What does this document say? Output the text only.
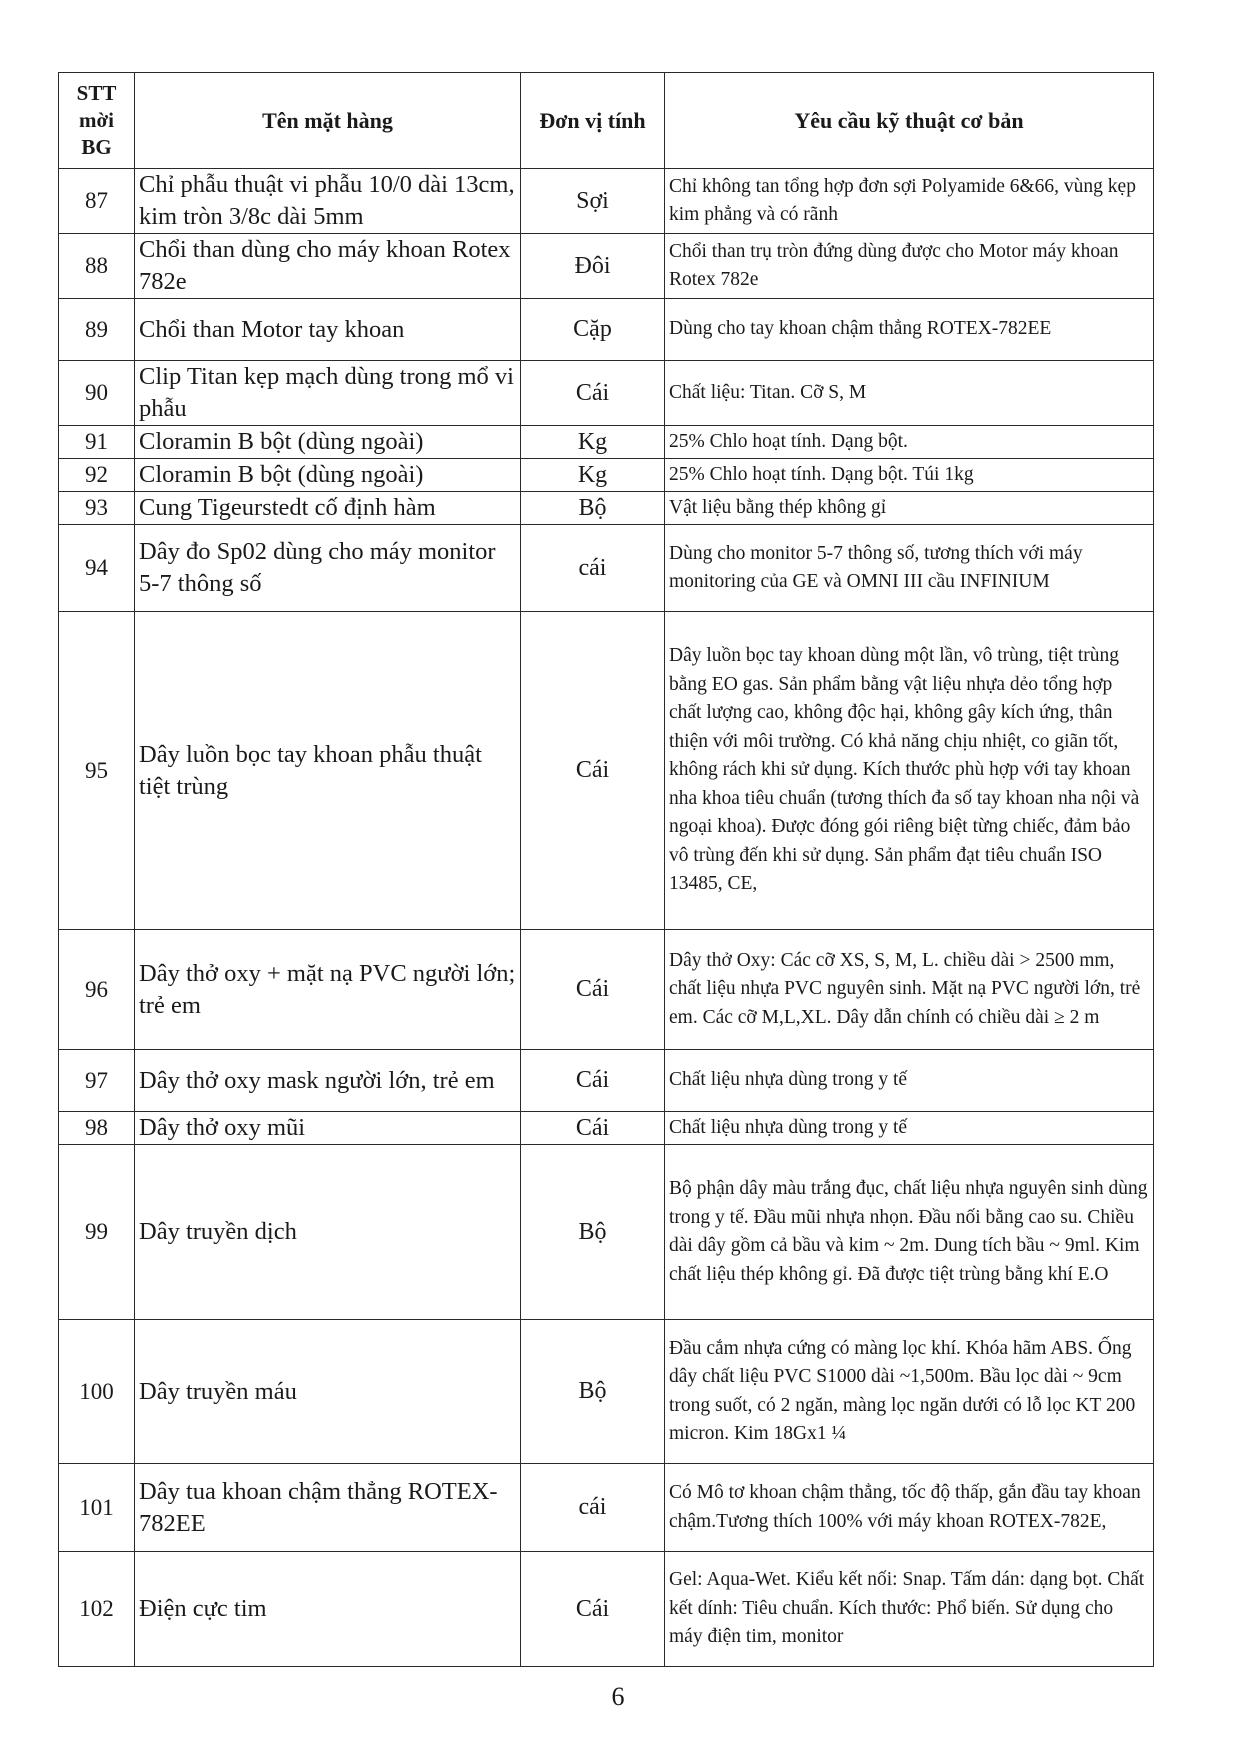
STT mời BG	Tên mặt hàng	Đơn vị tính	Yêu cầu kỹ thuật cơ bản
87	Chỉ phẫu thuật vi phẫu 10/0 dài 13cm, kim tròn 3/8c dài 5mm	Sợi	Chỉ không tan tổng hợp đơn sợi Polyamide 6&66, vùng kẹp kim phẳng và có rãnh
88	Chổi than dùng cho máy khoan Rotex 782e	Đôi	Chổi than trụ tròn đứng dùng được cho Motor máy khoan Rotex 782e
89	Chổi than Motor tay khoan	Cặp	Dùng cho tay khoan chậm thẳng ROTEX-782EE
90	Clip Titan kẹp mạch dùng trong mổ vi phẫu	Cái	Chất liệu: Titan. Cỡ S, M
91	Cloramin B bột (dùng ngoài)	Kg	25% Chlo hoạt tính. Dạng bột.
92	Cloramin B bột (dùng ngoài)	Kg	25% Chlo hoạt tính. Dạng bột. Túi 1kg
93	Cung Tigeurstedt cố định hàm	Bộ	Vật liệu bằng thép không gỉ
94	Dây đo Sp02 dùng cho máy monitor 5-7 thông số	cái	Dùng cho monitor 5-7 thông số, tương thích với máy monitoring của GE và OMNI III cầu INFINIUM
95	Dây luồn bọc tay khoan phẫu thuật tiệt trùng	Cái	Dây luồn bọc tay khoan dùng một lần, vô trùng, tiệt trùng bằng EO gas. Sản phẩm bằng vật liệu nhựa dẻo tổng hợp chất lượng cao, không độc hại, không gây kích ứng, thân thiện với môi trường. Có khả năng chịu nhiệt, co giãn tốt, không rách khi sử dụng. Kích thước phù hợp với tay khoan nha khoa tiêu chuẩn (tương thích đa số tay khoan nha nội và ngoại khoa). Được đóng gói riêng biệt từng chiếc, đảm bảo vô trùng đến khi sử dụng. Sản phẩm đạt tiêu chuẩn ISO 13485, CE,
96	Dây thở oxy + mặt nạ PVC người lớn; trẻ em	Cái	Dây thở Oxy: Các cỡ XS, S, M, L. chiều dài > 2500 mm, chất liệu nhựa PVC nguyên sinh. Mặt nạ PVC người lớn, trẻ em. Các cỡ M,L,XL. Dây dẫn chính có chiều dài ≥ 2 m
97	Dây thở oxy mask người lớn, trẻ em	Cái	Chất liệu nhựa dùng trong y tế
98	Dây thở oxy mũi	Cái	Chất liệu nhựa dùng trong y tế
99	Dây truyền dịch	Bộ	Bộ phận dây màu trắng đục, chất liệu nhựa nguyên sinh dùng trong y tế. Đầu mũi nhựa nhọn. Đầu nối bằng cao su. Chiều dài dây gồm cả bầu và kim ~ 2m. Dung tích bầu ~ 9ml. Kim chất liệu thép không gỉ. Đã được tiệt trùng bằng khí E.O
100	Dây truyền máu	Bộ	Đầu cắm nhựa cứng có màng lọc khí. Khóa hãm ABS. Ống dây chất liệu PVC S1000 dài ~1,500m. Bầu lọc dài ~ 9cm trong suốt, có 2 ngăn, màng lọc ngăn dưới có lỗ lọc KT 200 micron. Kim 18Gx1 ¼
101	Dây tua khoan chậm thẳng ROTEX-782EE	cái	Có Mô tơ khoan chậm thẳng, tốc độ thấp, gắn đầu tay khoan chậm.Tương thích 100% với máy khoan ROTEX-782E,
102	Điện cực tim	Cái	Gel: Aqua-Wet. Kiểu kết nối: Snap. Tấm dán: dạng bọt. Chất kết dính: Tiêu chuẩn. Kích thước: Phổ biến. Sử dụng cho máy điện tim, monitor
6
